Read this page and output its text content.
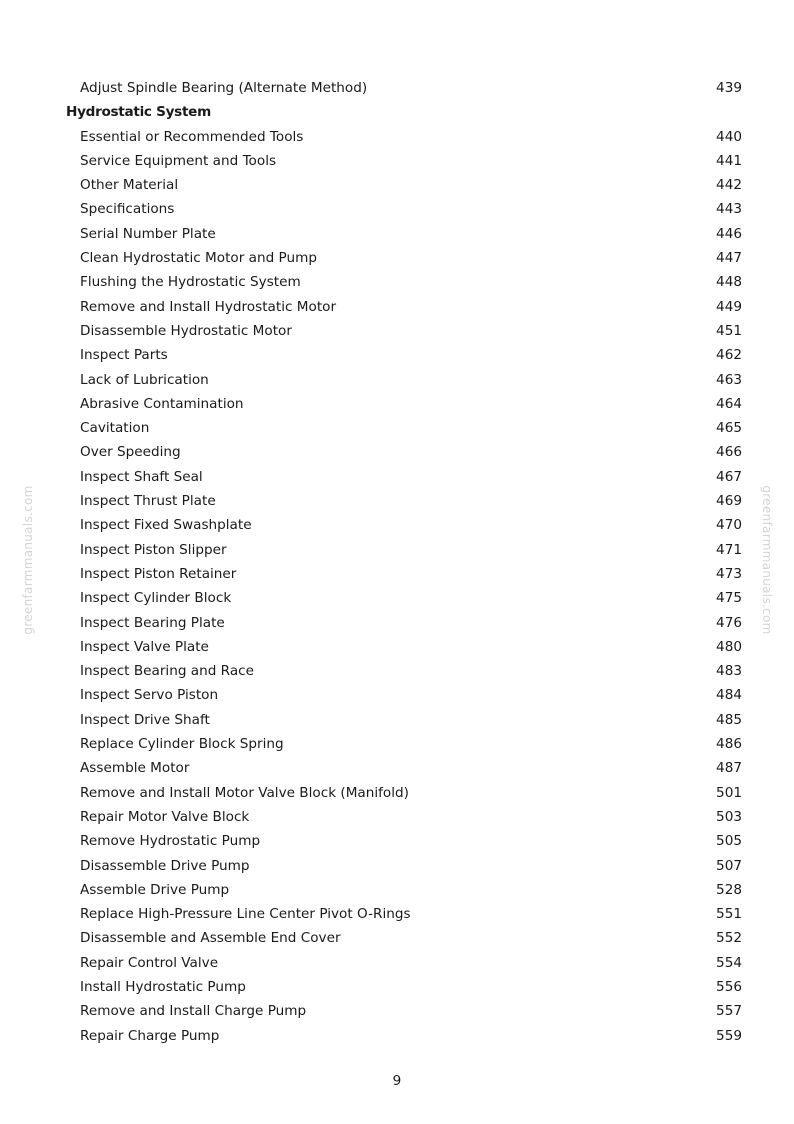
Adjust Spindle Bearing (Alternate Method)	439
Hydrostatic System
Essential or Recommended Tools	440
Service Equipment and Tools	441
Other Material	442
Specifications	443
Serial Number Plate	446
Clean Hydrostatic Motor and Pump	447
Flushing the Hydrostatic System	448
Remove and Install Hydrostatic Motor	449
Disassemble Hydrostatic Motor	451
Inspect Parts	462
Lack of Lubrication	463
Abrasive Contamination	464
Cavitation	465
Over Speeding	466
Inspect Shaft Seal	467
Inspect Thrust Plate	469
Inspect Fixed Swashplate	470
Inspect Piston Slipper	471
Inspect Piston Retainer	473
Inspect Cylinder Block	475
Inspect Bearing Plate	476
Inspect Valve Plate	480
Inspect Bearing and Race	483
Inspect Servo Piston	484
Inspect Drive Shaft	485
Replace Cylinder Block Spring	486
Assemble Motor	487
Remove and Install Motor Valve Block (Manifold)	501
Repair Motor Valve Block	503
Remove Hydrostatic Pump	505
Disassemble Drive Pump	507
Assemble Drive Pump	528
Replace High-Pressure Line Center Pivot O-Rings	551
Disassemble and Assemble End Cover	552
Repair Control Valve	554
Install Hydrostatic Pump	556
Remove and Install Charge Pump	557
Repair Charge Pump	559
9
greenfarmmanuals.com	greenfarmmanuals.com
